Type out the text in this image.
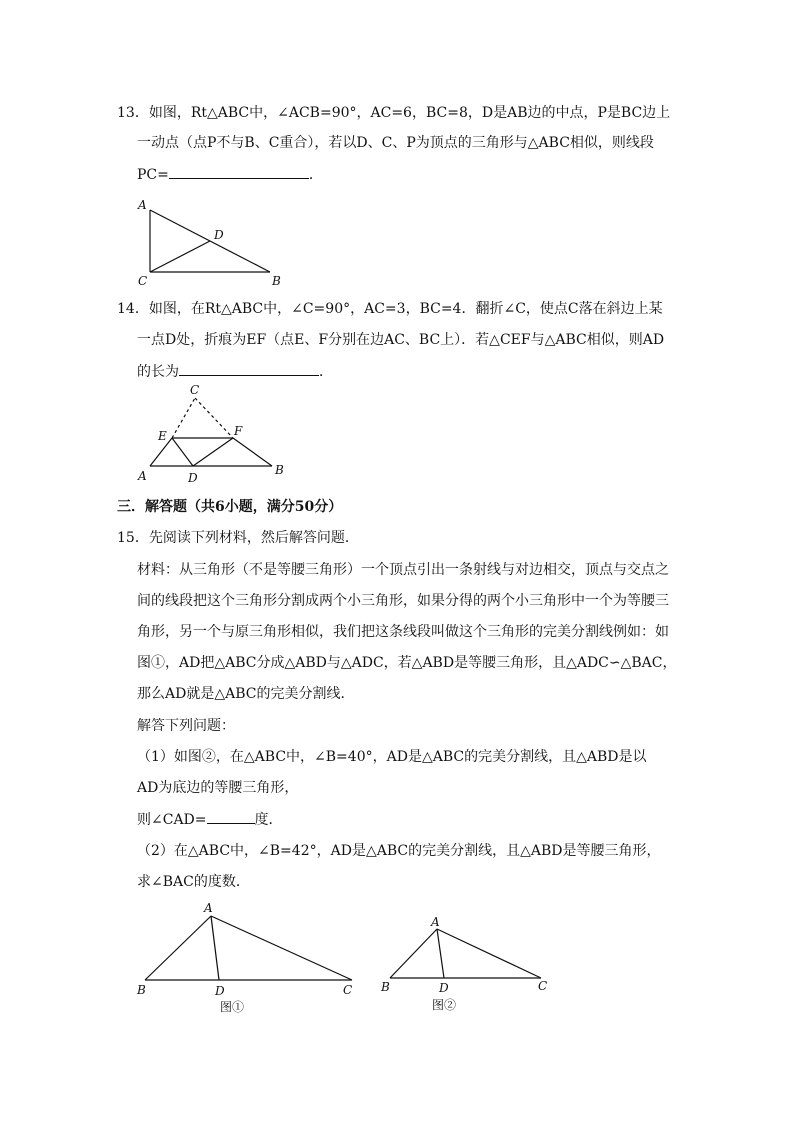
13．如图，Rt△ABC中，∠ACB=90°，AC=6，BC=8，D是AB边的中点，P是BC边上
一动点（点P不与B、C重合），若以D、C、P为顶点的三角形与△ABC相似，则线段
PC=	．
A
D
C	B
14．如图，在Rt△ABC中，∠C=90°，AC=3，BC=4．翻折∠C，使点C落在斜边上某
一点D处，折痕为EF（点E、F分别在边AC、BC上）．若△CEF与△ABC相似，则AD
的长为	．
C
E	F
A	D
B
三．解答题（共6小题，满分50分）
15．先阅读下列材料，然后解答问题．
材料：从三角形（不是等腰三角形）一个顶点引出一条射线与对边相交，顶点与交点之
间的线段把这个三角形分割成两个小三角形，如果分得的两个小三角形中一个为等腰三
角形，另一个与原三角形相似，我们把这条线段叫做这个三角形的完美分割线例如：如
图①，AD把△ABC分成△ABD与△ADC，若△ABD是等腰三角形，且△ADC∽△BAC，
那么AD就是△ABC的完美分割线．
解答下列问题：
（1）如图②，在△ABC中，∠B=40°，AD是△ABC的完美分割线，且△ABD是以
AD为底边的等腰三角形，
则∠CAD=	度．
（2）在△ABC中，∠B=42°，AD是△ABC的完美分割线，且△ABD是等腰三角形，
求∠BAC的度数．
A
B	D	C
图①
A
B	D	C
图②
